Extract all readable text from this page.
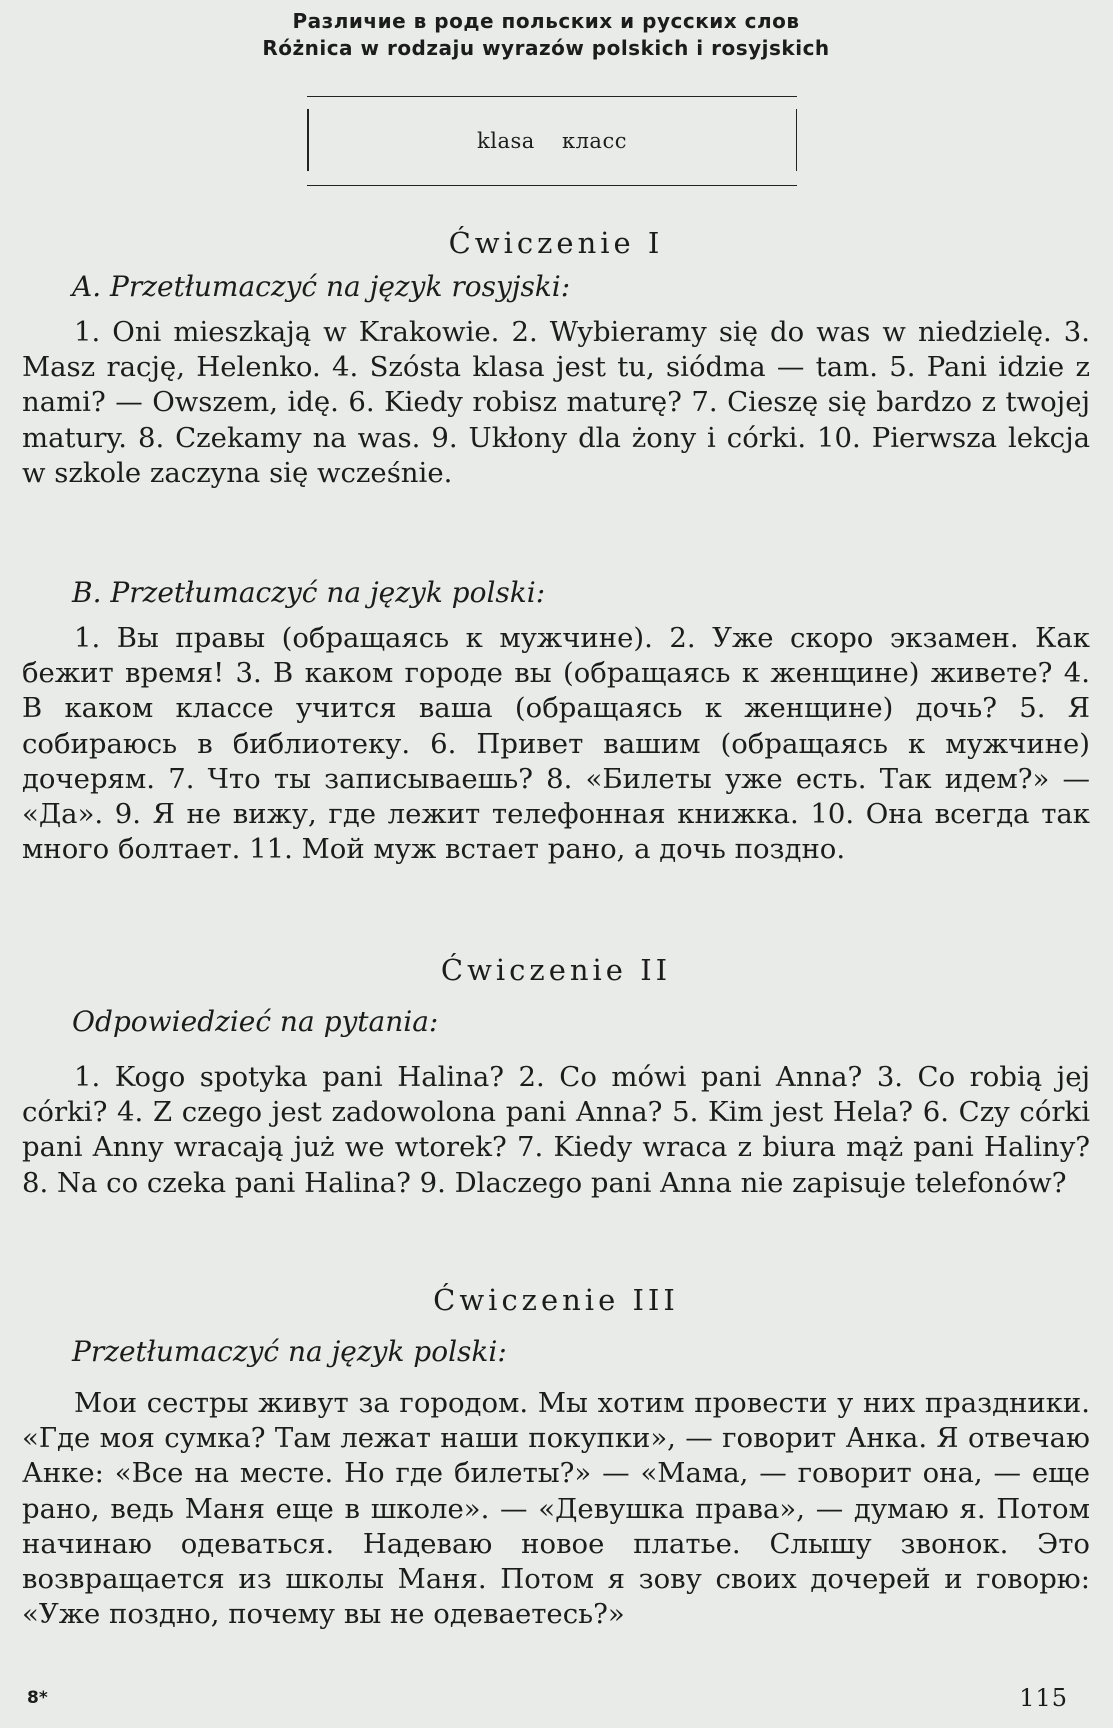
Различие в роде польских и русских слов
Różnica w rodzaju wyrazów polskich i rosyjskich
klasa класс
Ćwiczenie I
A. Przetłumaczyć na język rosyjski:
1. Oni mieszkają w Krakowie. 2. Wybieramy się do was w niedzielę. 3. Masz rację, Helenko. 4. Szósta klasa jest tu, siódma — tam. 5. Pani idzie z nami? — Owszem, idę. 6. Kiedy robisz maturę? 7. Cieszę się bardzo z twojej matury. 8. Czekamy na was. 9. Ukłony dla żony i córki. 10. Pierwsza lekcja w szkole zaczyna się wcześnie.
B. Przetłumaczyć na język polski:
1. Вы правы (обращаясь к мужчине). 2. Уже скоро экзамен. Как бежит время! 3. В каком городе вы (обращаясь к женщине) живете? 4. В каком классе учится ваша (обращаясь к женщине) дочь? 5. Я собираюсь в библиотеку. 6. Привет вашим (обращаясь к мужчине) дочерям. 7. Что ты записываешь? 8. «Билеты уже есть. Так идем?» — «Да». 9. Я не вижу, где лежит телефонная книжка. 10. Она всегда так много болтает. 11. Мой муж встает рано, а дочь поздно.
Ćwiczenie II
Odpowiedzieć na pytania:
1. Kogo spotyka pani Halina? 2. Co mówi pani Anna? 3. Co robią jej córki? 4. Z czego jest zadowolona pani Anna? 5. Kim jest Hela? 6. Czy córki pani Anny wracają już we wtorek? 7. Kiedy wraca z biura mąż pani Haliny? 8. Na co czeka pani Halina? 9. Dlaczego pani Anna nie zapisuje telefonów?
Ćwiczenie III
Przetłumaczyć na język polski:
Мои сестры живут за городом. Мы хотим провести у них праздники. «Где моя сумка? Там лежат наши покупки», — говорит Анка. Я отвечаю Анке: «Все на месте. Но где билеты?» — «Мама, — говорит она, — еще рано, ведь Маня еще в школе». — «Девушка права», — думаю я. Потом начинаю одеваться. Надеваю новое платье. Слышу звонок. Это возвращается из школы Маня. Потом я зову своих дочерей и говорю: «Уже поздно, почему вы не одеваетесь?»
8*	115
